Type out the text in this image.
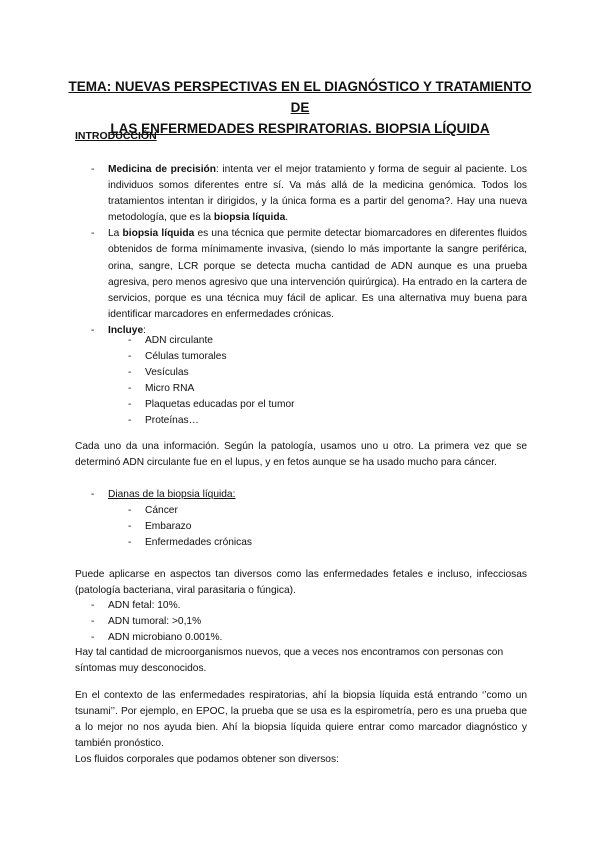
TEMA: NUEVAS PERSPECTIVAS EN EL DIAGNÓSTICO Y TRATAMIENTO DE
LAS ENFERMEDADES RESPIRATORIAS. BIOPSIA LÍQUIDA

INTRODUCCIÓN

- Medicina de precisión: intenta ver el mejor tratamiento y forma de seguir al paciente. Los individuos somos diferentes entre sí. Va más allá de la medicina genómica. Todos los tratamientos intentan ir dirigidos, y la única forma es a partir del genoma?. Hay una nueva metodología, que es la biopsia líquida.
- La biopsia líquida es una técnica que permite detectar biomarcadores en diferentes fluidos obtenidos de forma mínimamente invasiva, (siendo lo más importante la sangre periférica, orina, sangre, LCR porque se detecta mucha cantidad de ADN aunque es una prueba agresiva, pero menos agresivo que una intervención quirúrgica). Ha entrado en la cartera de servicios, porque es una técnica muy fácil de aplicar. Es una alternativa muy buena para identificar marcadores en enfermedades crónicas.
- Incluye:
- ADN circulante
- Células tumorales
- Vesículas
- Micro RNA
- Plaquetas educadas por el tumor
- Proteínas…

Cada uno da una información. Según la patología, usamos uno u otro. La primera vez que se determinó ADN circulante fue en el lupus, y en fetos aunque se ha usado mucho para cáncer.

- Dianas de la biopsia líquida:
- Cáncer
- Embarazo
- Enfermedades crónicas

Puede aplicarse en aspectos tan diversos como las enfermedades fetales e incluso, infecciosas (patología bacteriana, viral parasitaria o fúngica).

- ADN fetal: 10%.
- ADN tumoral: >0,1%
- ADN microbiano 0.001%.

Hay tal cantidad de microorganismos nuevos, que a veces nos encontramos con personas con síntomas muy desconocidos.

En el contexto de las enfermedades respiratorias, ahí la biopsia líquida está entrando ‘’como un tsunami’’. Por ejemplo, en EPOC, la prueba que se usa es la espirometría, pero es una prueba que a lo mejor no nos ayuda bien. Ahí la biopsia líquida quiere entrar como marcador diagnóstico y también pronóstico.

Los fluidos corporales que podamos obtener son diversos:
